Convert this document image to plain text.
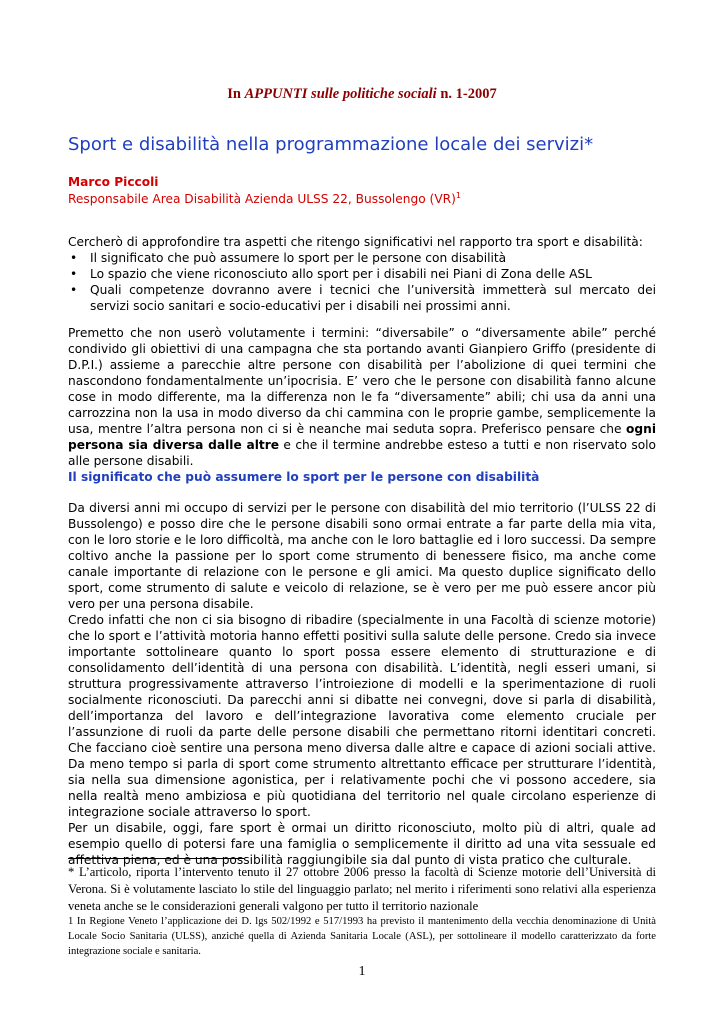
In APPUNTI sulle politiche sociali n. 1-2007
Sport e disabilità nella programmazione locale dei servizi*
Marco Piccoli
Responsabile Area Disabilità Azienda ULSS 22, Bussolengo (VR)$^1$

Cercherò di approfondire tra aspetti che ritengo significativi nel rapporto tra sport e disabilità:

• Il significato che può assumere lo sport per le persone con disabilità
• Lo spazio che viene riconosciuto allo sport per i disabili nei Piani di Zona delle ASL
• Quali competenze dovranno avere i tecnici che l’università immetterà sul mercato dei servizi socio sanitari e socio-educativi per i disabili nei prossimi anni.

Premetto che non userò volutamente i termini: “diversabile” o “diversamente abile” perché condivido gli obiettivi di una campagna che sta portando avanti Gianpiero Griffo (presidente di D.P.I.) assieme a parecchie altre persone con disabilità per l’abolizione di quei termini che nascondono fondamentalmente un’ipocrisia. E’ vero che le persone con disabilità fanno alcune cose in modo differente, ma la differenza non le fa “diversamente” abili; chi usa da anni una carrozzina non la usa in modo diverso da chi cammina con le proprie gambe, semplicemente la usa, mentre l’altra persona non ci si è neanche mai seduta sopra. Preferisco pensare che ogni persona sia diversa dalle altre e che il termine andrebbe esteso a tutti e non riservato solo alle persone disabili.

Il significato che può assumere lo sport per le persone con disabilità
Da diversi anni mi occupo di servizi per le persone con disabilità del mio territorio (l’ULSS 22 di Bussolengo) e posso dire che le persone disabili sono ormai entrate a far parte della mia vita, con le loro storie e le loro difficoltà, ma anche con le loro battaglie ed i loro successi. Da sempre coltivo anche la passione per lo sport come strumento di benessere fisico, ma anche come canale importante di relazione con le persone e gli amici. Ma questo duplice significato dello sport, come strumento di salute e veicolo di relazione, se è vero per me può essere ancor più vero per una persona disabile.
Credo infatti che non ci sia bisogno di ribadire (specialmente in una Facoltà di scienze motorie) che lo sport e l’attività motoria hanno effetti positivi sulla salute delle persone. Credo sia invece importante sottolineare quanto lo sport possa essere elemento di strutturazione e di consolidamento dell’identità di una persona con disabilità. L’identità, negli esseri umani, si struttura progressivamente attraverso l’introiezione di modelli e la sperimentazione di ruoli socialmente riconosciuti. Da parecchi anni si dibatte nei convegni, dove si parla di disabilità, dell’importanza del lavoro e dell’integrazione lavorativa come elemento cruciale per l’assunzione di ruoli da parte delle persone disabili che permettano ritorni identitari concreti. Che facciano cioè sentire una persona meno diversa dalle altre e capace di azioni sociali attive. Da meno tempo si parla di sport come strumento altrettanto efficace per strutturare l’identità, sia nella sua dimensione agonistica, per i relativamente pochi che vi possono accedere, sia nella realtà meno ambiziosa e più quotidiana del territorio nel quale circolano esperienze di integrazione sociale attraverso lo sport.
Per un disabile, oggi, fare sport è ormai un diritto riconosciuto, molto più di altri, quale ad esempio quello di potersi fare una famiglia o semplicemente il diritto ad una vita sessuale ed affettiva piena, ed è una possibilità raggiungibile sia dal punto di vista pratico che culturale.
* L’articolo, riporta l’intervento tenuto il 27 ottobre 2006 presso la facoltà di Scienze motorie dell’Università di Verona. Si è volutamente lasciato lo stile del linguaggio parlato; nel merito i riferimenti sono relativi alla esperienza veneta anche se le considerazioni generali valgono per tutto il territorio nazionale
1 In Regione Veneto l’applicazione dei D. lgs 502/1992 e 517/1993 ha previsto il mantenimento della vecchia denominazione di Unità Locale Socio Sanitaria (ULSS), anziché quella di Azienda Sanitaria Locale (ASL), per sottolineare il modello caratterizzato da forte integrazione sociale e sanitaria.
1
